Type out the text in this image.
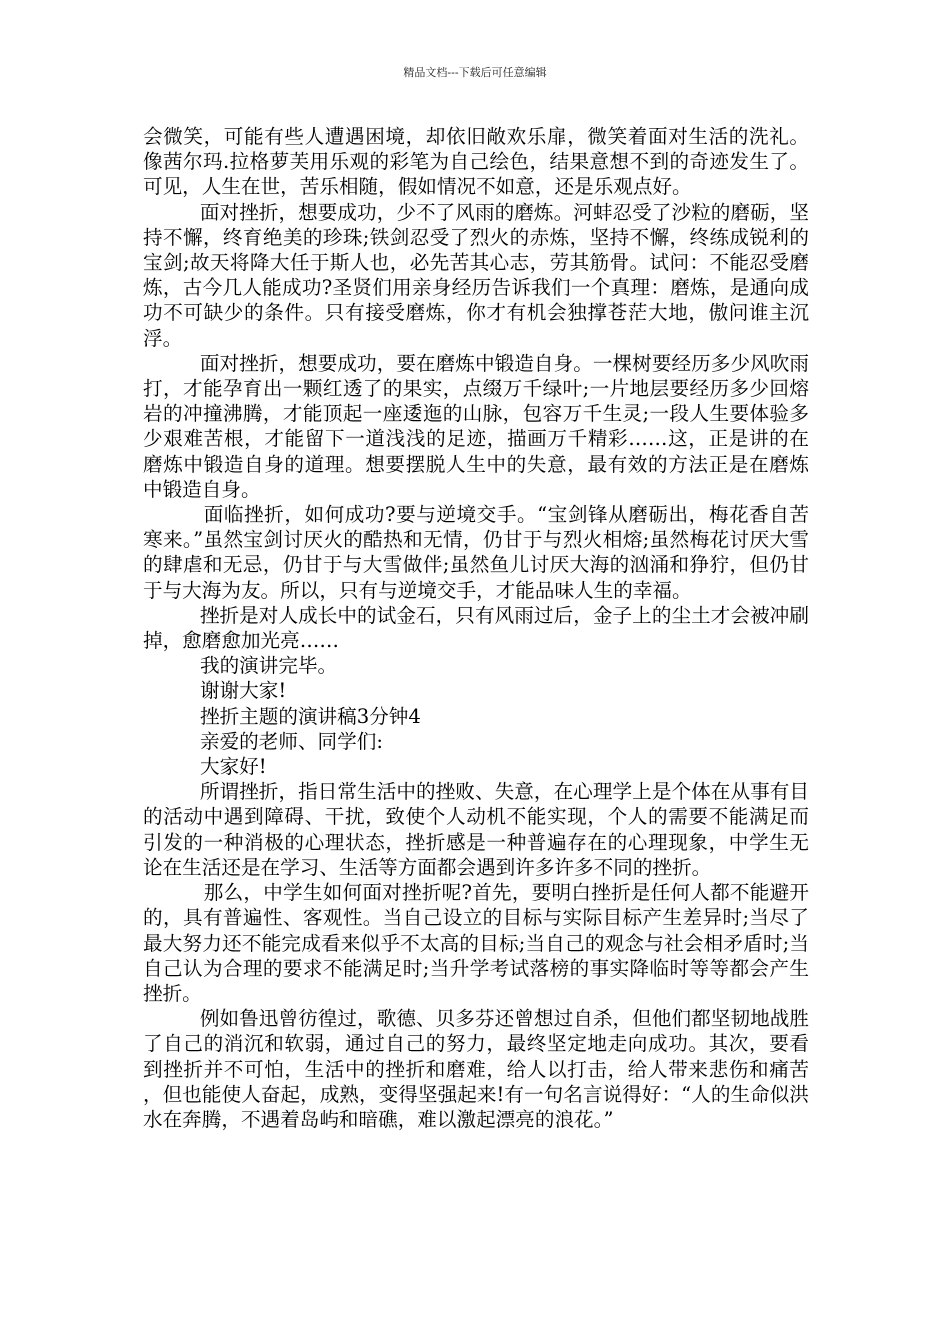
精品文档---下载后可任意编辑

会微笑，可能有些人遭遇困境，却依旧敞欢乐扉，微笑着面对生活的洗礼。像茜尔玛.拉格萝芙用乐观的彩笔为自己绘色，结果意想不到的奇迹发生了。可见，人生在世，苦乐相随，假如情况不如意，还是乐观点好。

面对挫折，想要成功，少不了风雨的磨炼。河蚌忍受了沙粒的磨砺，坚持不懈，终育绝美的珍珠;铁剑忍受了烈火的赤炼，坚持不懈，终练成锐利的宝剑;故天将降大任于斯人也，必先苦其心志，劳其筋骨。试问：不能忍受磨炼，古今几人能成功?圣贤们用亲身经历告诉我们一个真理：磨炼，是通向成功不可缺少的条件。只有接受磨炼，你才有机会独撑苍茫大地，傲问谁主沉浮。

面对挫折，想要成功，要在磨炼中锻造自身。一棵树要经历多少风吹雨打，才能孕育出一颗红透了的果实，点缀万千绿叶;一片地层要经历多少回熔岩的冲撞沸腾，才能顶起一座逶迤的山脉，包容万千生灵;一段人生要体验多少艰难苦根，才能留下一道浅浅的足迹，描画万千精彩……这，正是讲的在磨炼中锻造自身的道理。想要摆脱人生中的失意，最有效的方法正是在磨炼中锻造自身。

面临挫折，如何成功?要与逆境交手。“宝剑锋从磨砺出，梅花香自苦寒来。”虽然宝剑讨厌火的酷热和无情，仍甘于与烈火相熔;虽然梅花讨厌大雪的肆虐和无忌，仍甘于与大雪做伴;虽然鱼儿讨厌大海的汹涌和狰狞，但仍甘于与大海为友。所以，只有与逆境交手，才能品味人生的幸福。

挫折是对人成长中的试金石，只有风雨过后，金子上的尘土才会被冲刷掉，愈磨愈加光亮……

我的演讲完毕。

谢谢大家!

挫折主题的演讲稿3分钟4

亲爱的老师、同学们:

大家好!

所谓挫折，指日常生活中的挫败、失意，在心理学上是个体在从事有目的活动中遇到障碍、干扰，致使个人动机不能实现，个人的需要不能满足而引发的一种消极的心理状态，挫折感是一种普遍存在的心理现象，中学生无论在生活还是在学习、生活等方面都会遇到许多许多不同的挫折。

那么，中学生如何面对挫折呢?首先，要明白挫折是任何人都不能避开的，具有普遍性、客观性。当自己设立的目标与实际目标产生差异时;当尽了最大努力还不能完成看来似乎不太高的目标;当自己的观念与社会相矛盾时;当自己认为合理的要求不能满足时;当升学考试落榜的事实降临时等等都会产生挫折。

例如鲁迅曾彷徨过，歌德、贝多芬还曾想过自杀，但他们都坚韧地战胜了自己的消沉和软弱，通过自己的努力，最终坚定地走向成功。其次，要看到挫折并不可怕，生活中的挫折和磨难，给人以打击，给人带来悲伤和痛苦，但也能使人奋起，成熟，变得坚强起来!有一句名言说得好：“人的生命似洪水在奔腾，不遇着岛屿和暗礁，难以激起漂亮的浪花。”
